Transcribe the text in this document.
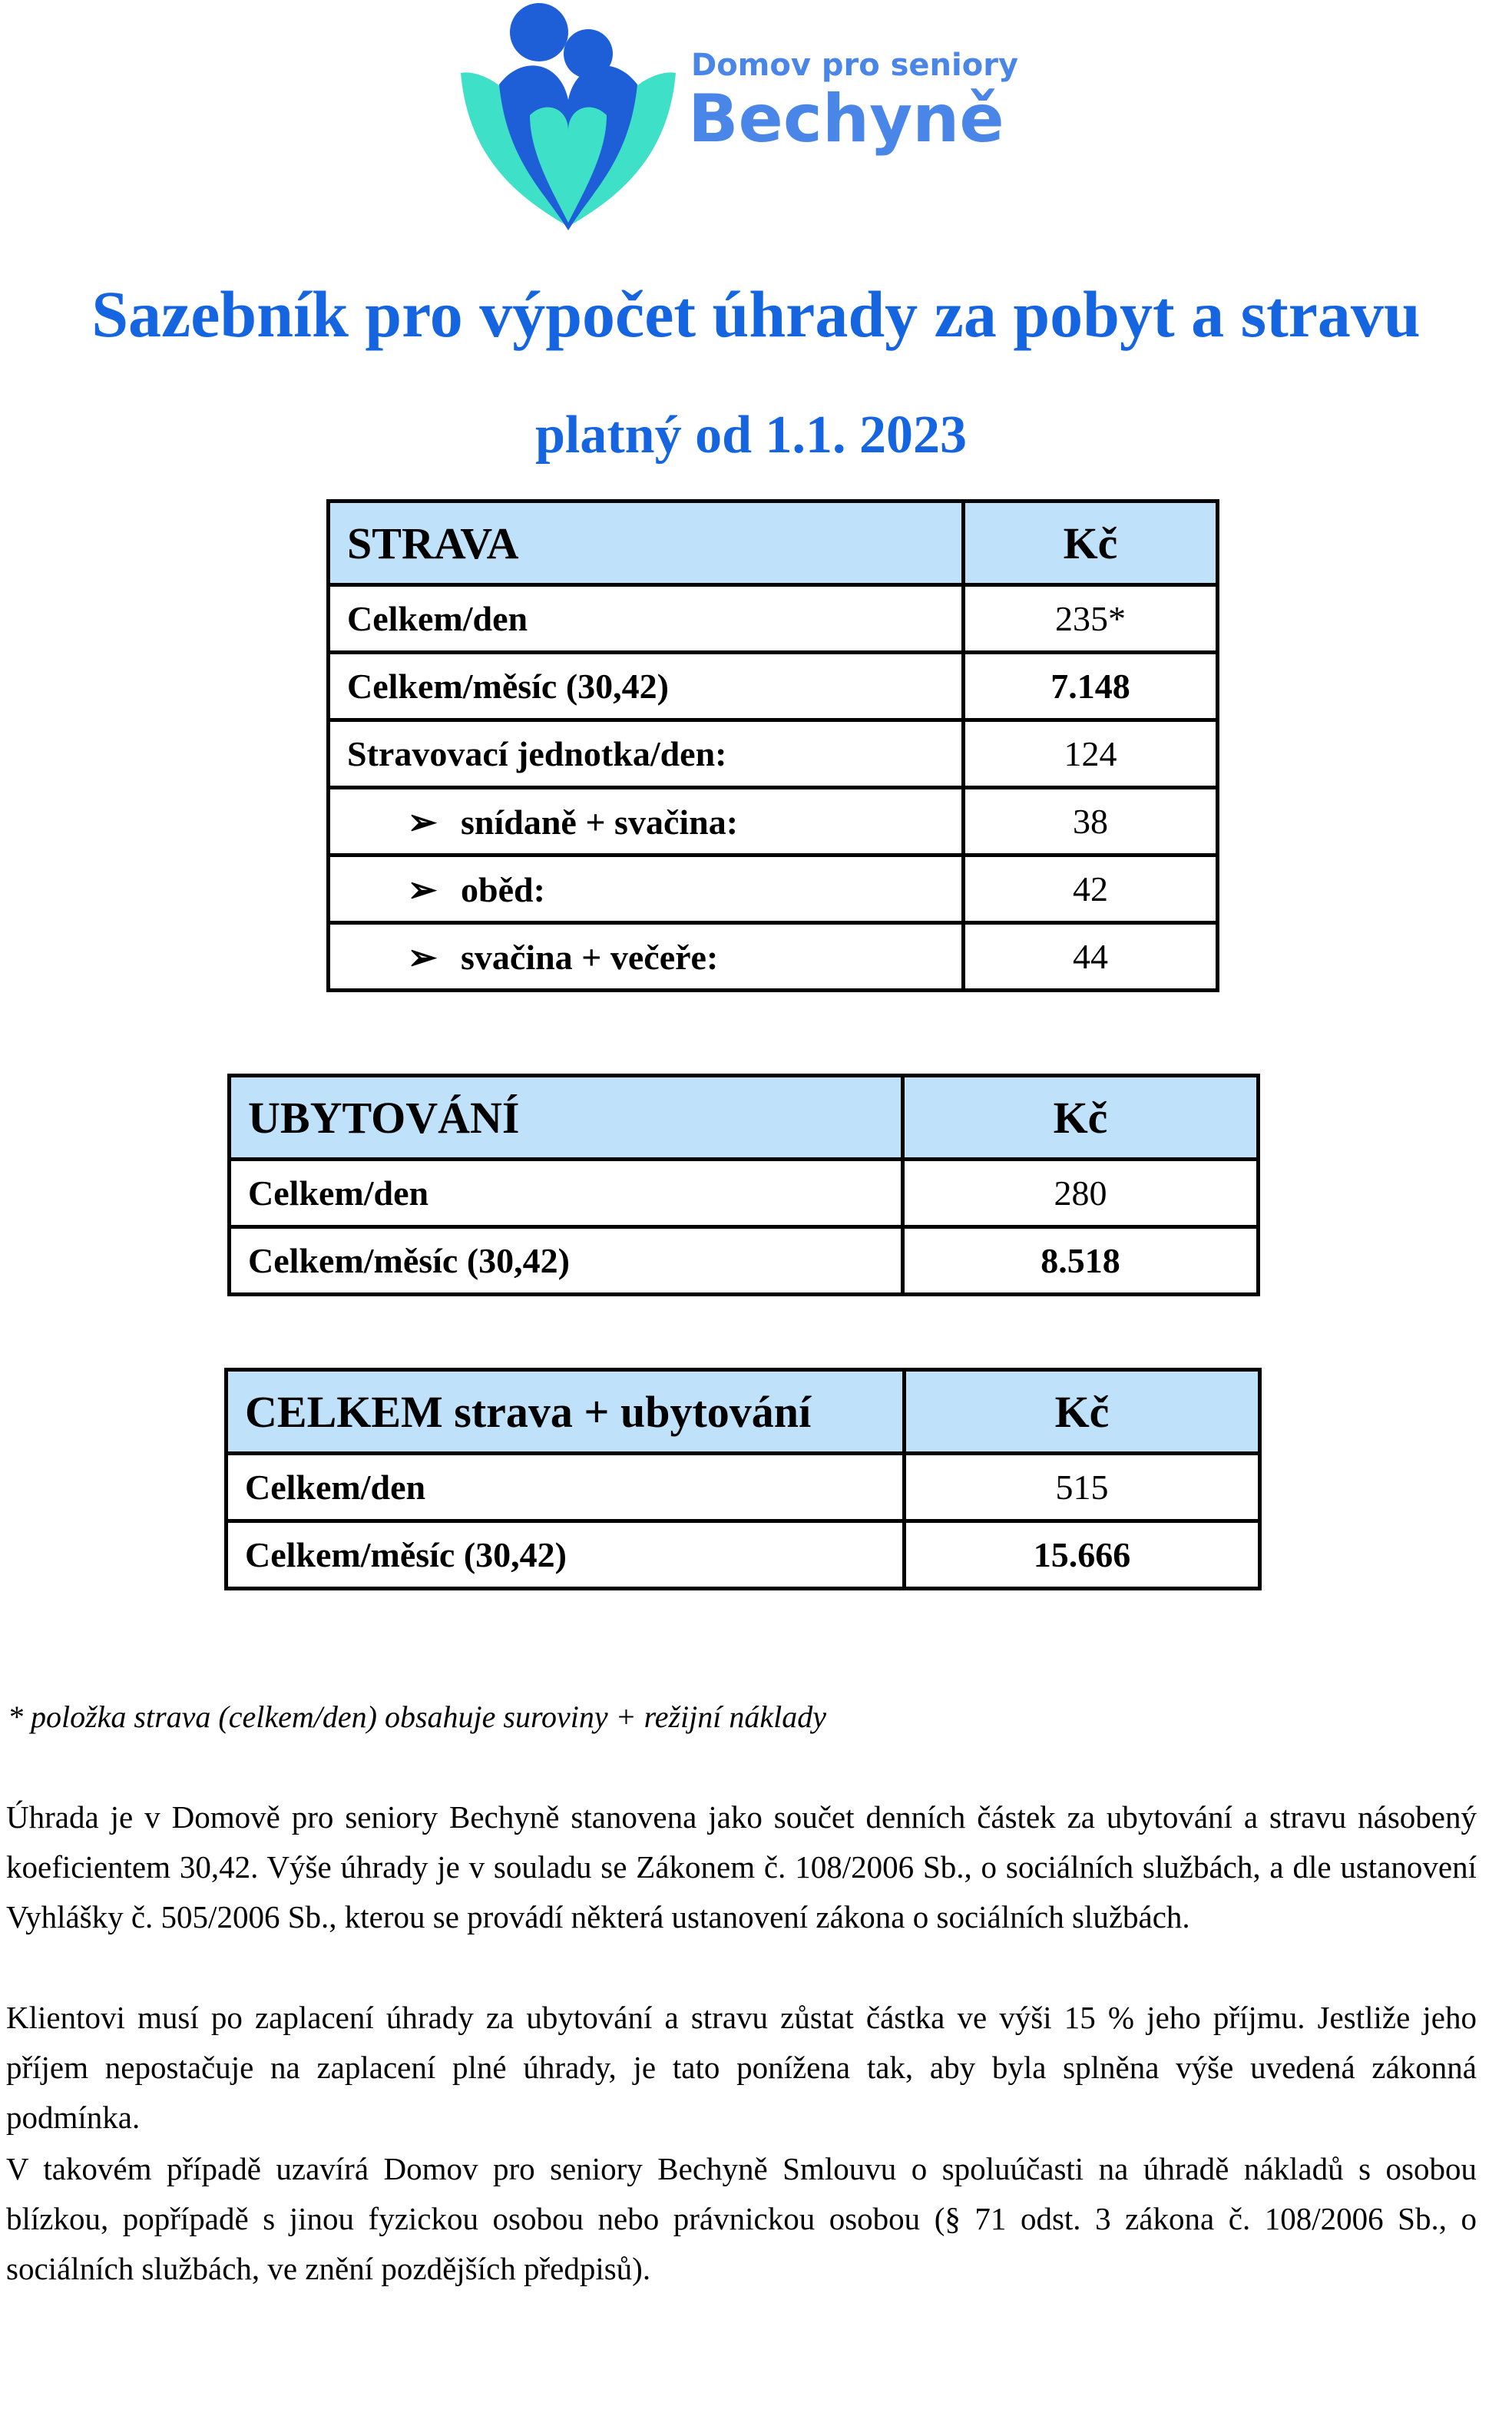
Domov pro seniory
Bechyně
Sazebník pro výpočet úhrady za pobyt a stravu
platný od 1.1. 2023
STRAVA	Kč
Celkem/den	235*
Celkem/měsíc (30,42)	7.148
Stravovací jednotka/den:	124
➢ snídaně + svačina:	38
➢ oběd:	42
➢ svačina + večeře:	44
UBYTOVÁNÍ	Kč
Celkem/den	280
Celkem/měsíc (30,42)	8.518
CELKEM strava + ubytování	Kč
Celkem/den	515
Celkem/měsíc (30,42)	15.666
* položka strava (celkem/den) obsahuje suroviny + režijní náklady
Úhrada je v Domově pro seniory Bechyně stanovena jako součet denních částek za ubytování a stravu násobený koeficientem 30,42. Výše úhrady je v souladu se Zákonem č. 108/2006 Sb., o sociálních službách, a dle ustanovení Vyhlášky č. 505/2006 Sb., kterou se provádí některá ustanovení zákona o sociálních službách.
Klientovi musí po zaplacení úhrady za ubytování a stravu zůstat částka ve výši 15 % jeho příjmu. Jestliže jeho příjem nepostačuje na zaplacení plné úhrady, je tato ponížena tak, aby byla splněna výše uvedená zákonná podmínka.
V takovém případě uzavírá Domov pro seniory Bechyně Smlouvu o spoluúčasti na úhradě nákladů s osobou blízkou, popřípadě s jinou fyzickou osobou nebo právnickou osobou (§ 71 odst. 3 zákona č. 108/2006 Sb., o sociálních službách, ve znění pozdějších předpisů).
